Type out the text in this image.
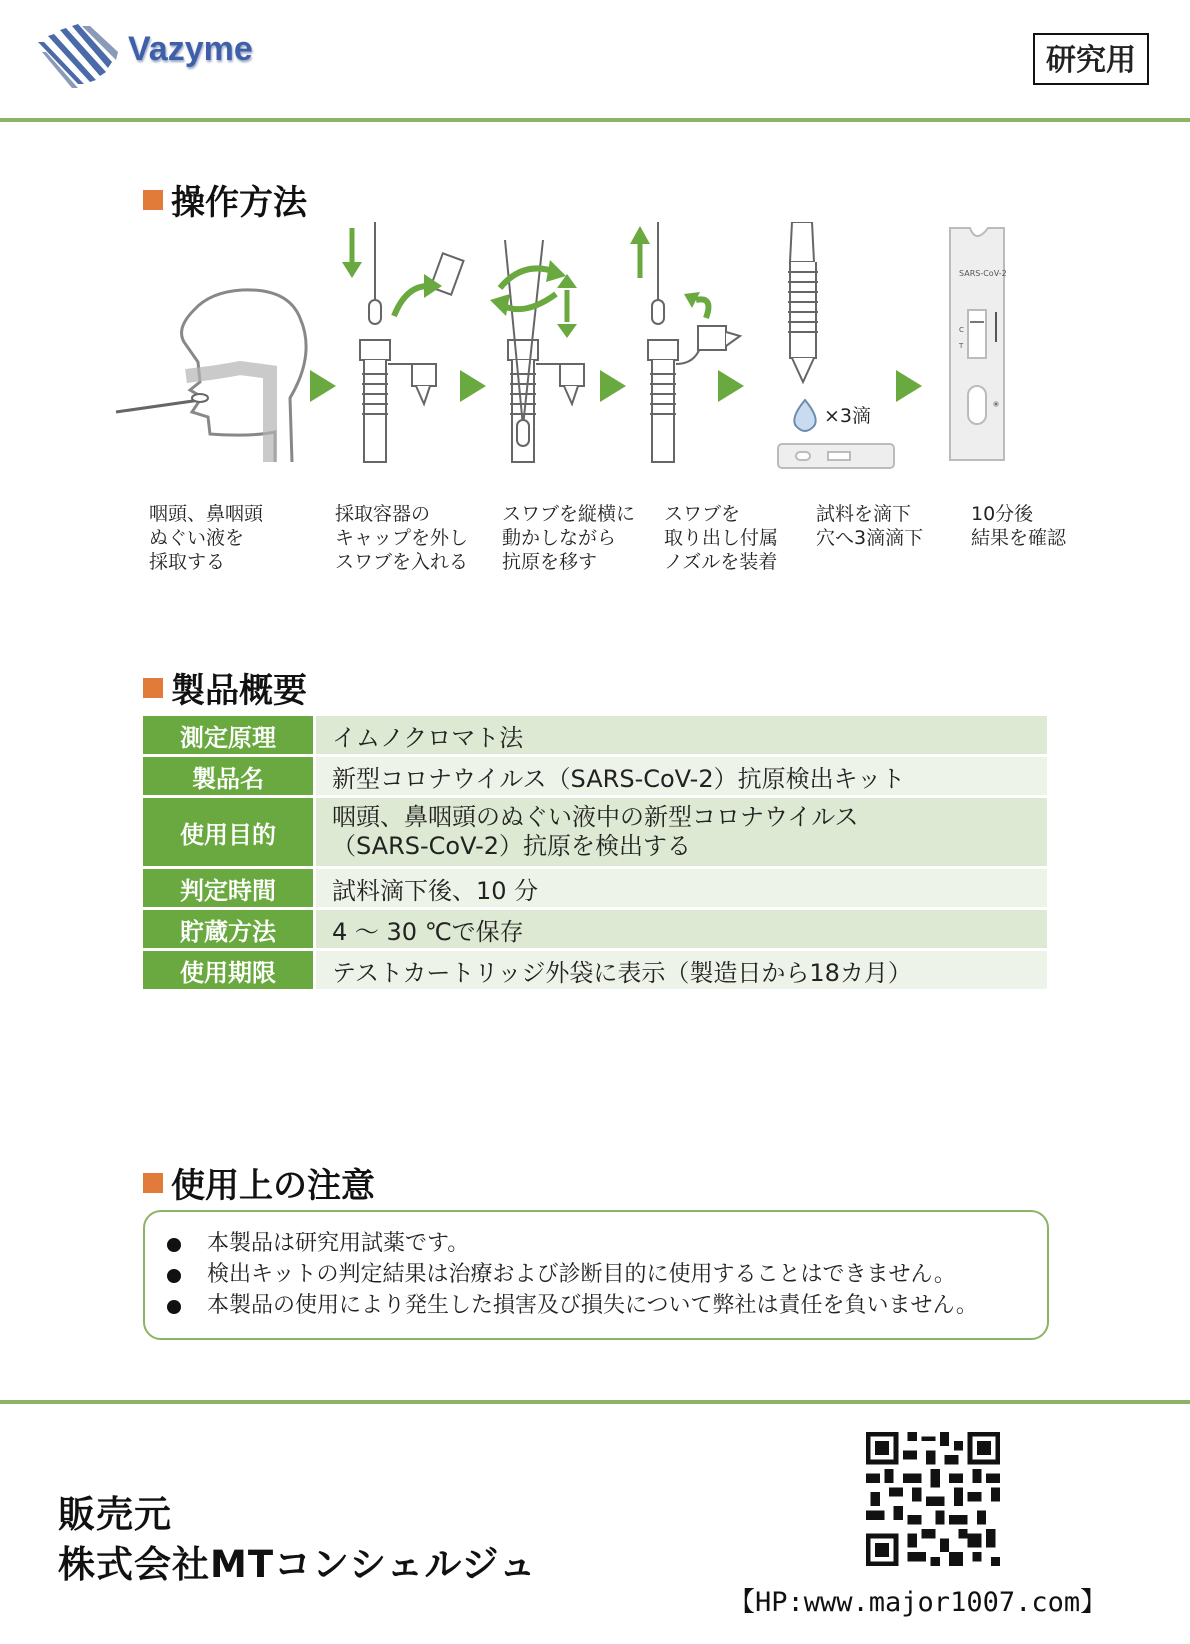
Vazyme	研究用
操作方法
×3滴
SARS-CoV-2
C
T
咽頭、鼻咽頭
ぬぐい液を
採取する
採取容器の
キャップを外し
スワブを入れる
スワブを縦横に
動かしながら
抗原を移す
スワブを
取り出し付属
ノズルを装着
試料を滴下
穴へ3滴滴下
10分後
結果を確認
製品概要
測定原理	イムノクロマト法
製品名	新型コロナウイルス（SARS-CoV-2）抗原検出キット
使用目的	咽頭、鼻咽頭のぬぐい液中の新型コロナウイルス
（SARS-CoV-2）抗原を検出する
判定時間	試料滴下後、10 分
貯蔵方法	4 ～ 30 ℃で保存
使用期限	テストカートリッジ外袋に表示（製造日から18カ月）
使用上の注意
本製品は研究用試薬です。
検出キットの判定結果は治療および診断目的に使用することはできません。
本製品の使用により発生した損害及び損失について弊社は責任を負いません。
販売元
株式会社MTコンシェルジュ
【HP:www.major1007.com】
